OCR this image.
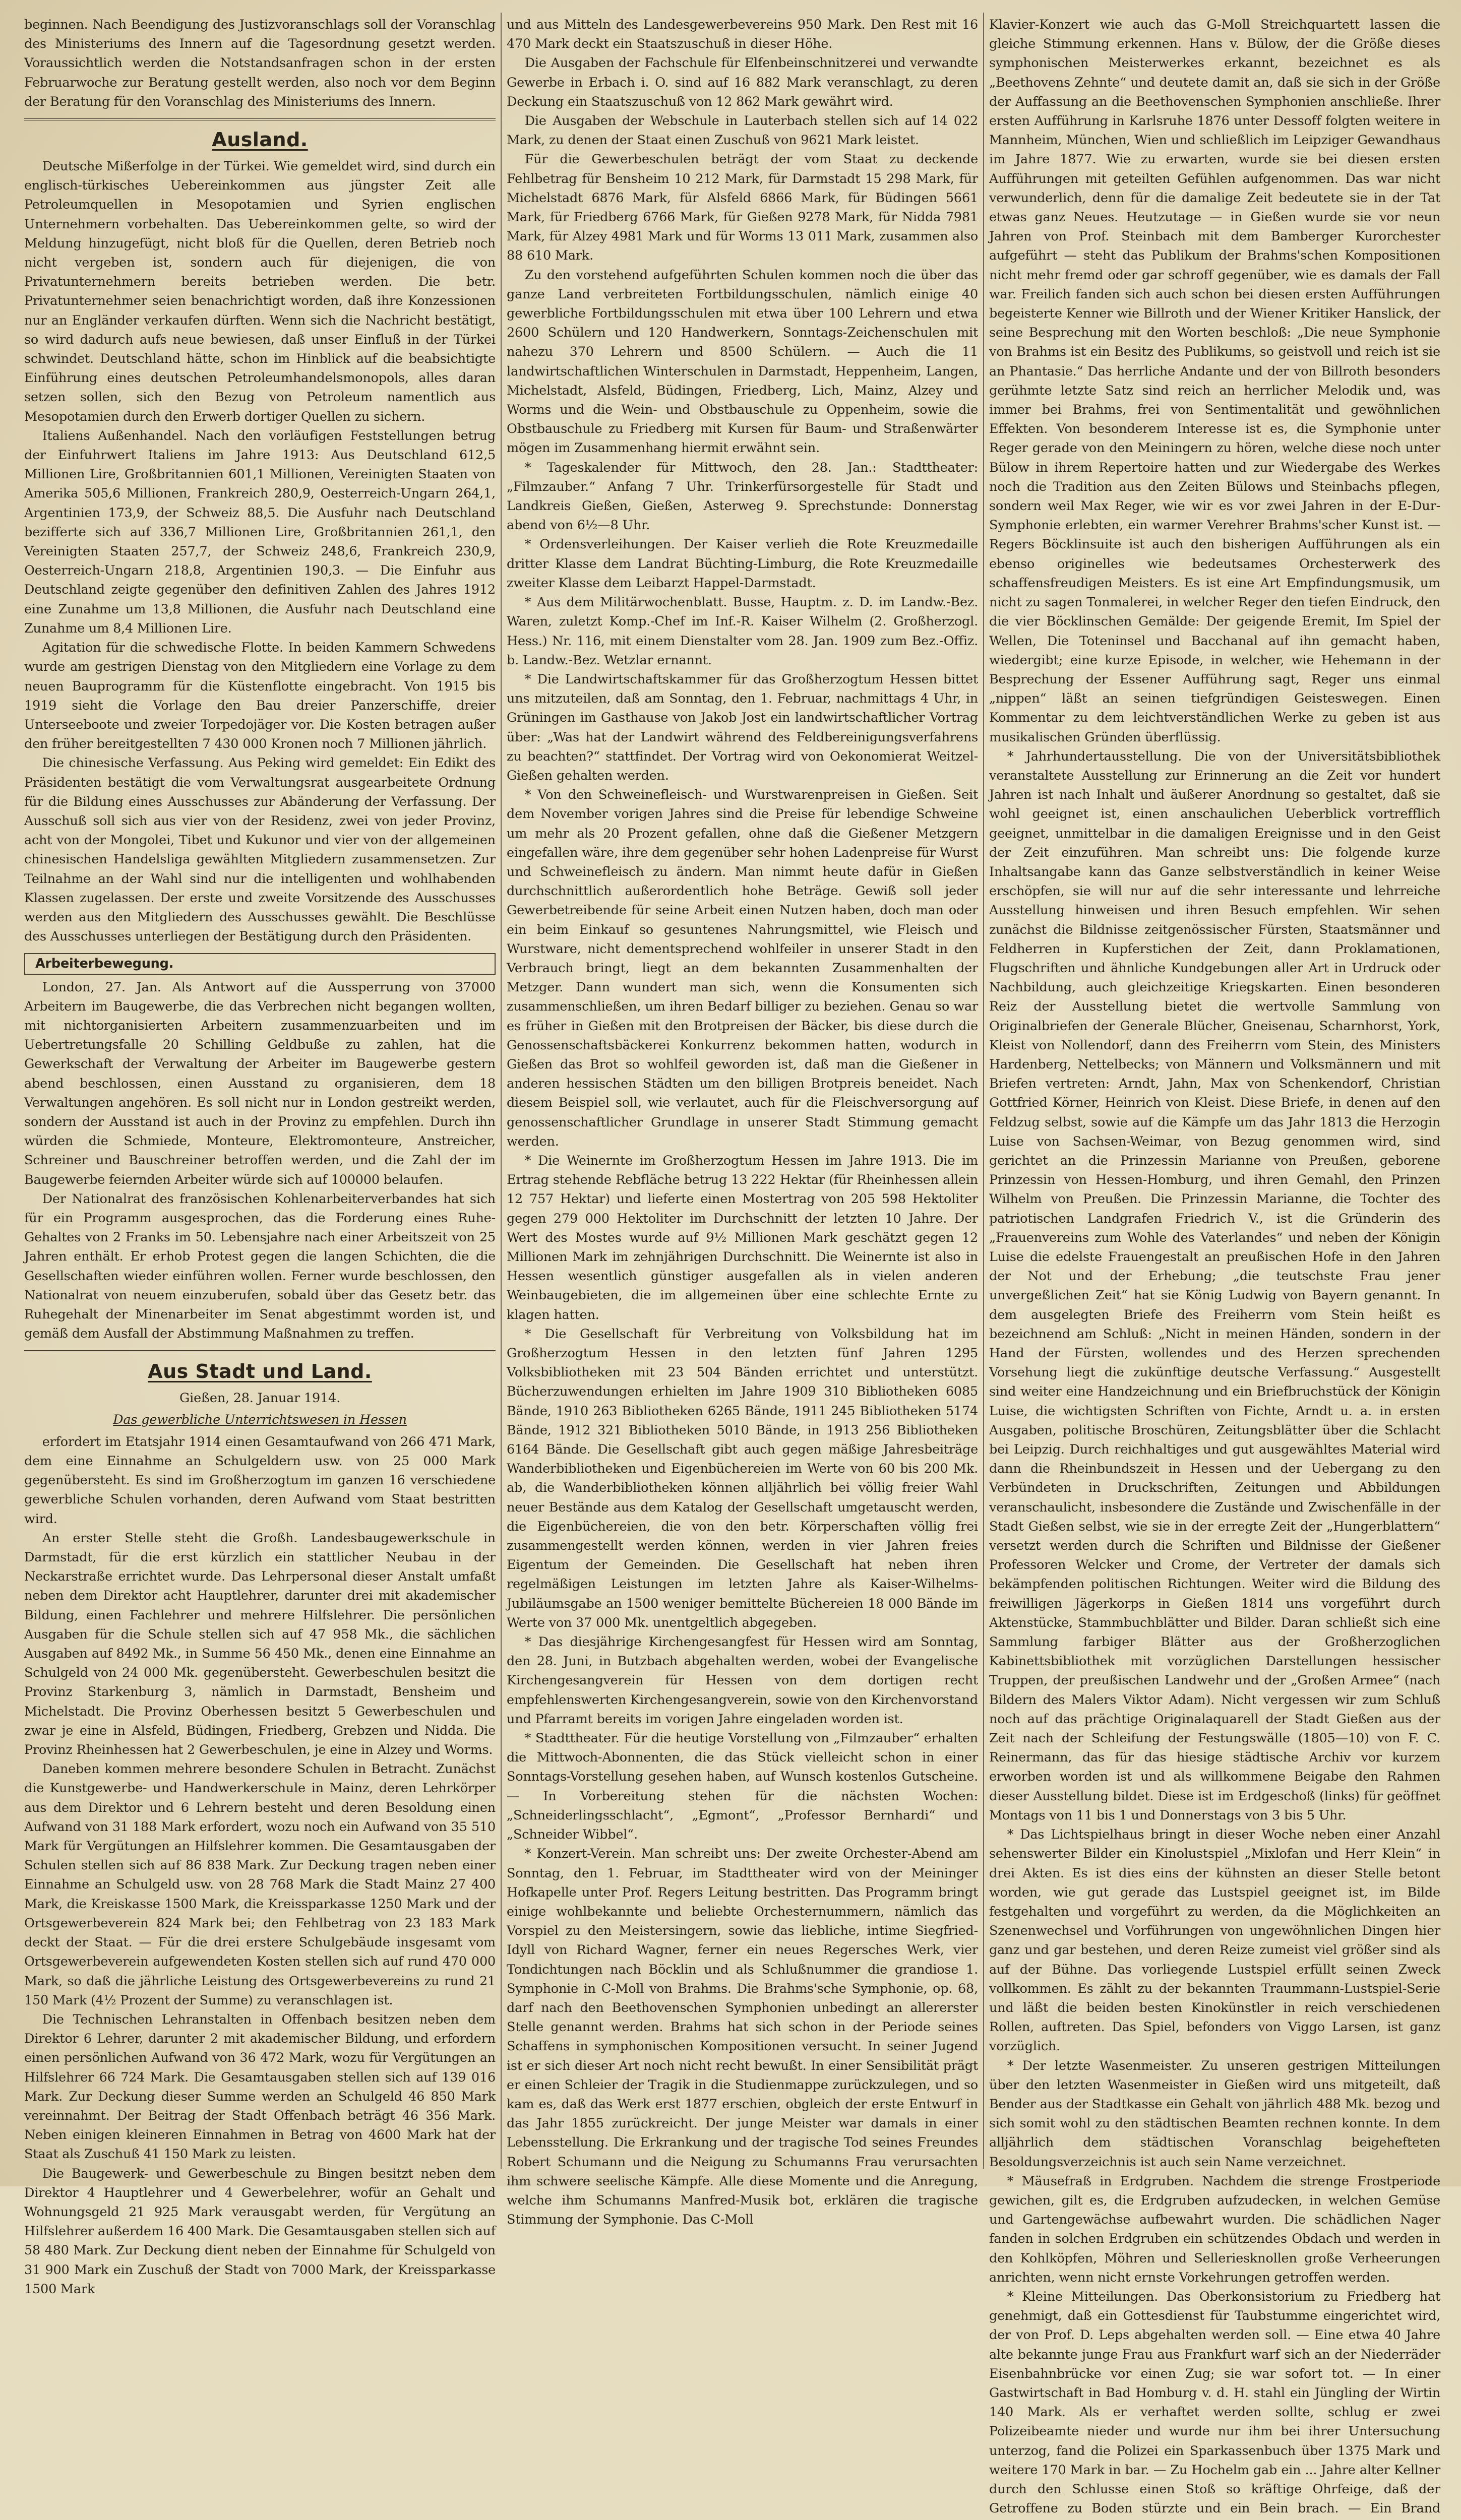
beginnen. Nach Beendigung des Justizvoranschlags soll der Voranschlag des Ministeriums des Innern auf die Tagesordnung gesetzt werden. Voraussichtlich werden die Notstandsanfragen schon in der ersten Februarwoche zur Beratung gestellt werden, also noch vor dem Beginn der Beratung für den Voranschlag des Ministeriums des Innern.

Ausland.

Deutsche Mißerfolge in der Türkei. Wie gemeldet wird, sind durch ein englisch-türkisches Uebereinkommen aus jüngster Zeit alle Petroleumquellen in Mesopotamien und Syrien englischen Unternehmern vorbehalten. Das Uebereinkommen gelte, so wird der Meldung hinzugefügt, nicht bloß für die Quellen, deren Betrieb noch nicht vergeben ist, sondern auch für diejenigen, die von Privatunternehmern bereits betrieben werden. Die betr. Privatunternehmer seien benachrichtigt worden, daß ihre Konzessionen nur an Engländer verkaufen dürften. Wenn sich die Nachricht bestätigt, so wird dadurch aufs neue bewiesen, daß unser Einfluß in der Türkei schwindet. Deutschland hätte, schon im Hinblick auf die beabsichtigte Einführung eines deutschen Petroleumhandelsmonopols, alles daran setzen sollen, sich den Bezug von Petroleum namentlich aus Mesopotamien durch den Erwerb dortiger Quellen zu sichern.

Italiens Außenhandel. Nach den vorläufigen Feststellungen betrug der Einfuhrwert Italiens im Jahre 1913: Aus Deutschland 612,5 Millionen Lire, Großbritannien 601,1 Millionen, Vereinigten Staaten von Amerika 505,6 Millionen, Frankreich 280,9, Oesterreich-Ungarn 264,1, Argentinien 173,9, der Schweiz 88,5. Die Ausfuhr nach Deutschland bezifferte sich auf 336,7 Millionen Lire, Großbritannien 261,1, den Vereinigten Staaten 257,7, der Schweiz 248,6, Frankreich 230,9, Oesterreich-Ungarn 218,8, Argentinien 190,3. — Die Einfuhr aus Deutschland zeigte gegenüber den definitiven Zahlen des Jahres 1912 eine Zunahme um 13,8 Millionen, die Ausfuhr nach Deutschland eine Zunahme um 8,4 Millionen Lire.

Agitation für die schwedische Flotte. In beiden Kammern Schwedens wurde am gestrigen Dienstag von den Mitgliedern eine Vorlage zu dem neuen Bauprogramm für die Küstenflotte eingebracht. Von 1915 bis 1919 sieht die Vorlage den Bau dreier Panzerschiffe, dreier Unterseeboote und zweier Torpedojäger vor. Die Kosten betragen außer den früher bereitgestellten 7 430 000 Kronen noch 7 Millionen jährlich.

Die chinesische Verfassung. Aus Peking wird gemeldet: Ein Edikt des Präsidenten bestätigt die vom Verwaltungsrat ausgearbeitete Ordnung für die Bildung eines Ausschusses zur Abänderung der Verfassung. Der Ausschuß soll sich aus vier von der Residenz, zwei von jeder Provinz, acht von der Mongolei, Tibet und Kukunor und vier von der allgemeinen chinesischen Handelsliga gewählten Mitgliedern zusammensetzen. Zur Teilnahme an der Wahl sind nur die intelligenten und wohlhabenden Klassen zugelassen. Der erste und zweite Vorsitzende des Ausschusses werden aus den Mitgliedern des Ausschusses gewählt. Die Beschlüsse des Ausschusses unterliegen der Bestätigung durch den Präsidenten.

Arbeiterbewegung.

London, 27. Jan. Als Antwort auf die Aussperrung von 37000 Arbeitern im Baugewerbe, die das Verbrechen nicht begangen wollten, mit nichtorganisierten Arbeitern zusammenzuarbeiten und im Uebertretungsfalle 20 Schilling Geldbuße zu zahlen, hat die Gewerkschaft der Verwaltung der Arbeiter im Baugewerbe gestern abend beschlossen, einen Ausstand zu organisieren, dem 18 Verwaltungen angehören. Es soll nicht nur in London gestreikt werden, sondern der Ausstand ist auch in der Provinz zu empfehlen. Durch ihn würden die Schmiede, Monteure, Elektromonteure, Anstreicher, Schreiner und Bauschreiner betroffen werden, und die Zahl der im Baugewerbe feiernden Arbeiter würde sich auf 100000 belaufen.

Der Nationalrat des französischen Kohlenarbeiterverbandes hat sich für ein Programm ausgesprochen, das die Forderung eines Ruhe-Gehaltes von 2 Franks im 50. Lebensjahre nach einer Arbeitszeit von 25 Jahren enthält. Er erhob Protest gegen die langen Schichten, die die Gesellschaften wieder einführen wollen. Ferner wurde beschlossen, den Nationalrat von neuem einzuberufen, sobald über das Gesetz betr. das Ruhegehalt der Minenarbeiter im Senat abgestimmt worden ist, und gemäß dem Ausfall der Abstimmung Maßnahmen zu treffen.

Aus Stadt und Land.
Gießen, 28. Januar 1914.
Das gewerbliche Unterrichtswesen in Hessen

erfordert im Etatsjahr 1914 einen Gesamtaufwand von 266 471 Mark, dem eine Einnahme an Schulgeldern usw. von 25 000 Mark gegenübersteht. Es sind im Großherzogtum im ganzen 16 verschiedene gewerbliche Schulen vorhanden, deren Aufwand vom Staat bestritten wird.

An erster Stelle steht die Großh. Landesbaugewerkschule in Darmstadt, für die erst kürzlich ein stattlicher Neubau in der Neckarstraße errichtet wurde. Das Lehrpersonal dieser Anstalt umfaßt neben dem Direktor acht Hauptlehrer, darunter drei mit akademischer Bildung, einen Fachlehrer und mehrere Hilfslehrer. Die persönlichen Ausgaben für die Schule stellen sich auf 47 958 Mk., die sächlichen Ausgaben auf 8492 Mk., in Summe 56 450 Mk., denen eine Einnahme an Schulgeld von 24 000 Mk. gegenübersteht. Gewerbeschulen besitzt die Provinz Starkenburg 3, nämlich in Darmstadt, Bensheim und Michelstadt. Die Provinz Oberhessen besitzt 5 Gewerbeschulen und zwar je eine in Alsfeld, Büdingen, Friedberg, Grebzen und Nidda. Die Provinz Rheinhessen hat 2 Gewerbeschulen, je eine in Alzey und Worms.

Daneben kommen mehrere besondere Schulen in Betracht. Zunächst die Kunstgewerbe- und Handwerkerschule in Mainz, deren Lehrkörper aus dem Direktor und 6 Lehrern besteht und deren Besoldung einen Aufwand von 31 188 Mark erfordert, wozu noch ein Aufwand von 35 510 Mark für Vergütungen an Hilfslehrer kommen. Die Gesamtausgaben der Schulen stellen sich auf 86 838 Mark. Zur Deckung tragen neben einer Einnahme an Schulgeld usw. von 28 768 Mark die Stadt Mainz 27 400 Mark, die Kreiskasse 1500 Mark, die Kreissparkasse 1250 Mark und der Ortsgewerbeverein 824 Mark bei; den Fehlbetrag von 23 183 Mark deckt der Staat. — Für die drei erstere Schulgebäude insgesamt vom Ortsgewerbeverein aufgewendeten Kosten stellen sich auf rund 470 000 Mark, so daß die jährliche Leistung des Ortsgewerbevereins zu rund 21 150 Mark (4½ Prozent der Summe) zu veranschlagen ist.

Die Technischen Lehranstalten in Offenbach besitzen neben dem Direktor 6 Lehrer, darunter 2 mit akademischer Bildung, und erfordern einen persönlichen Aufwand von 36 472 Mark, wozu für Vergütungen an Hilfslehrer 66 724 Mark. Die Gesamtausgaben stellen sich auf 139 016 Mark. Zur Deckung dieser Summe werden an Schulgeld 46 850 Mark vereinnahmt. Der Beitrag der Stadt Offenbach beträgt 46 356 Mark. Neben einigen kleineren Einnahmen in Betrag von 4600 Mark hat der Staat als Zuschuß 41 150 Mark zu leisten.

Die Baugewerk- und Gewerbeschule zu Bingen besitzt neben dem Direktor 4 Hauptlehrer und 4 Gewerbelehrer, wofür an Gehalt und Wohnungsgeld 21 925 Mark verausgabt werden, für Vergütung an Hilfslehrer außerdem 16 400 Mark. Die Gesamtausgaben stellen sich auf 58 480 Mark. Zur Deckung dient neben der Einnahme für Schulgeld von 31 900 Mark ein Zuschuß der Stadt von 7000 Mark, der Kreissparkasse 1500 Mark

und aus Mitteln des Landesgewerbevereins 950 Mark. Den Rest mit 16 470 Mark deckt ein Staatszuschuß in dieser Höhe.

Die Ausgaben der Fachschule für Elfenbeinschnitzerei und verwandte Gewerbe in Erbach i. O. sind auf 16 882 Mark veranschlagt, zu deren Deckung ein Staatszuschuß von 12 862 Mark gewährt wird.

Die Ausgaben der Webschule in Lauterbach stellen sich auf 14 022 Mark, zu denen der Staat einen Zuschuß von 9621 Mark leistet.

Für die Gewerbeschulen beträgt der vom Staat zu deckende Fehlbetrag für Bensheim 10 212 Mark, für Darmstadt 15 298 Mark, für Michelstadt 6876 Mark, für Alsfeld 6866 Mark, für Büdingen 5661 Mark, für Friedberg 6766 Mark, für Gießen 9278 Mark, für Nidda 7981 Mark, für Alzey 4981 Mark und für Worms 13 011 Mark, zusammen also 88 610 Mark.

Zu den vorstehend aufgeführten Schulen kommen noch die über das ganze Land verbreiteten Fortbildungsschulen, nämlich einige 40 gewerbliche Fortbildungsschulen mit etwa über 100 Lehrern und etwa 2600 Schülern und 120 Handwerkern, Sonntags-Zeichenschulen mit nahezu 370 Lehrern und 8500 Schülern. — Auch die 11 landwirtschaftlichen Winterschulen in Darmstadt, Heppenheim, Langen, Michelstadt, Alsfeld, Büdingen, Friedberg, Lich, Mainz, Alzey und Worms und die Wein- und Obstbauschule zu Oppenheim, sowie die Obstbauschule zu Friedberg mit Kursen für Baum- und Straßenwärter mögen im Zusammenhang hiermit erwähnt sein.

* Tageskalender für Mittwoch, den 28. Jan.: Stadttheater: „Filmzauber.“ Anfang 7 Uhr. Trinkerfürsorgestelle für Stadt und Landkreis Gießen, Gießen, Asterweg 9. Sprechstunde: Donnerstag abend von 6½—8 Uhr.

* Ordensverleihungen. Der Kaiser verlieh die Rote Kreuzmedaille dritter Klasse dem Landrat Büchting-Limburg, die Rote Kreuzmedaille zweiter Klasse dem Leibarzt Happel-Darmstadt.

* Aus dem Militärwochenblatt. Busse, Hauptm. z. D. im Landw.-Bez. Waren, zuletzt Komp.-Chef im Inf.-R. Kaiser Wilhelm (2. Großherzogl. Hess.) Nr. 116, mit einem Dienstalter vom 28. Jan. 1909 zum Bez.-Offiz. b. Landw.-Bez. Wetzlar ernannt.

* Die Landwirtschaftskammer für das Großherzogtum Hessen bittet uns mitzuteilen, daß am Sonntag, den 1. Februar, nachmittags 4 Uhr, in Grüningen im Gasthause von Jakob Jost ein landwirtschaftlicher Vortrag über: „Was hat der Landwirt während des Feldbereinigungsverfahrens zu beachten?“ stattfindet. Der Vortrag wird von Oekonomierat Weitzel-Gießen gehalten werden.

* Von den Schweinefleisch- und Wurstwarenpreisen in Gießen. Seit dem November vorigen Jahres sind die Preise für lebendige Schweine um mehr als 20 Prozent gefallen, ohne daß die Gießener Metzgern eingefallen wäre, ihre dem gegenüber sehr hohen Ladenpreise für Wurst und Schweinefleisch zu ändern. Man nimmt heute dafür in Gießen durchschnittlich außerordentlich hohe Beträge. Gewiß soll jeder Gewerbetreibende für seine Arbeit einen Nutzen haben, doch man oder ein beim Einkauf so gesuntenes Nahrungsmittel, wie Fleisch und Wurstware, nicht dementsprechend wohlfeiler in unserer Stadt in den Verbrauch bringt, liegt an dem bekannten Zusammenhalten der Metzger. Dann wundert man sich, wenn die Konsumenten sich zusammenschließen, um ihren Bedarf billiger zu beziehen. Genau so war es früher in Gießen mit den Brotpreisen der Bäcker, bis diese durch die Genossenschaftsbäckerei Konkurrenz bekommen hatten, wodurch in Gießen das Brot so wohlfeil geworden ist, daß man die Gießener in anderen hessischen Städten um den billigen Brotpreis beneidet. Nach diesem Beispiel soll, wie verlautet, auch für die Fleischversorgung auf genossenschaftlicher Grundlage in unserer Stadt Stimmung gemacht werden.

* Die Weinernte im Großherzogtum Hessen im Jahre 1913. Die im Ertrag stehende Rebfläche betrug 13 222 Hektar (für Rheinhessen allein 12 757 Hektar) und lieferte einen Mostertrag von 205 598 Hektoliter gegen 279 000 Hektoliter im Durchschnitt der letzten 10 Jahre. Der Wert des Mostes wurde auf 9½ Millionen Mark geschätzt gegen 12 Millionen Mark im zehnjährigen Durchschnitt. Die Weinernte ist also in Hessen wesentlich günstiger ausgefallen als in vielen anderen Weinbaugebieten, die im allgemeinen über eine schlechte Ernte zu klagen hatten.

* Die Gesellschaft für Verbreitung von Volksbildung hat im Großherzogtum Hessen in den letzten fünf Jahren 1295 Volksbibliotheken mit 23 504 Bänden errichtet und unterstützt. Bücherzuwendungen erhielten im Jahre 1909 310 Bibliotheken 6085 Bände, 1910 263 Bibliotheken 6265 Bände, 1911 245 Bibliotheken 5174 Bände, 1912 321 Bibliotheken 5010 Bände, in 1913 256 Bibliotheken 6164 Bände. Die Gesellschaft gibt auch gegen mäßige Jahresbeiträge Wanderbibliotheken und Eigenbüchereien im Werte von 60 bis 200 Mk. ab, die Wanderbibliotheken können alljährlich bei völlig freier Wahl neuer Bestände aus dem Katalog der Gesellschaft umgetauscht werden, die Eigenbüchereien, die von den betr. Körperschaften völlig frei zusammengestellt werden können, werden in vier Jahren freies Eigentum der Gemeinden. Die Gesellschaft hat neben ihren regelmäßigen Leistungen im letzten Jahre als Kaiser-Wilhelms-Jubiläumsgabe an 1500 weniger bemittelte Büchereien 18 000 Bände im Werte von 37 000 Mk. unentgeltlich abgegeben.

* Das diesjährige Kirchengesangfest für Hessen wird am Sonntag, den 28. Juni, in Butzbach abgehalten werden, wobei der Evangelische Kirchengesangverein für Hessen von dem dortigen recht empfehlenswerten Kirchengesangverein, sowie von den Kirchenvorstand und Pfarramt bereits im vorigen Jahre eingeladen worden ist.

* Stadttheater. Für die heutige Vorstellung von „Filmzauber“ erhalten die Mittwoch-Abonnenten, die das Stück vielleicht schon in einer Sonntags-Vorstellung gesehen haben, auf Wunsch kostenlos Gutscheine. — In Vorbereitung stehen für die nächsten Wochen: „Schneiderlingsschlacht“, „Egmont“, „Professor Bernhardi“ und „Schneider Wibbel“.

* Konzert-Verein. Man schreibt uns: Der zweite Orchester-Abend am Sonntag, den 1. Februar, im Stadttheater wird von der Meininger Hofkapelle unter Prof. Regers Leitung bestritten. Das Programm bringt einige wohlbekannte und beliebte Orchesternummern, nämlich das Vorspiel zu den Meistersingern, sowie das liebliche, intime Siegfried-Idyll von Richard Wagner, ferner ein neues Regersches Werk, vier Tondichtungen nach Böcklin und als Schlußnummer die grandiose 1. Symphonie in C-Moll von Brahms. Die Brahms'sche Symphonie, op. 68, darf nach den Beethovenschen Symphonien unbedingt an allererster Stelle genannt werden. Brahms hat sich schon in der Periode seines Schaffens in symphonischen Kompositionen versucht. In seiner Jugend ist er sich dieser Art noch nicht recht bewußt. In einer Sensibilität prägt er einen Schleier der Tragik in die Studienmappe zurückzulegen, und so kam es, daß das Werk erst 1877 erschien, obgleich der erste Entwurf in das Jahr 1855 zurückreicht. Der junge Meister war damals in einer Lebensstellung. Die Erkrankung und der tragische Tod seines Freundes Robert Schumann und die Neigung zu Schumanns Frau verursachten ihm schwere seelische Kämpfe. Alle diese Momente und die Anregung, welche ihm Schumanns Manfred-Musik bot, erklären die tragische Stimmung der Symphonie. Das C-Moll

Klavier-Konzert wie auch das G-Moll Streichquartett lassen die gleiche Stimmung erkennen. Hans v. Bülow, der die Größe dieses symphonischen Meisterwerkes erkannt, bezeichnet es als „Beethovens Zehnte“ und deutete damit an, daß sie sich in der Größe der Auffassung an die Beethovenschen Symphonien anschließe. Ihrer ersten Aufführung in Karlsruhe 1876 unter Dessoff folgten weitere in Mannheim, München, Wien und schließlich im Leipziger Gewandhaus im Jahre 1877. Wie zu erwarten, wurde sie bei diesen ersten Aufführungen mit geteilten Gefühlen aufgenommen. Das war nicht verwunderlich, denn für die damalige Zeit bedeutete sie in der Tat etwas ganz Neues. Heutzutage — in Gießen wurde sie vor neun Jahren von Prof. Steinbach mit dem Bamberger Kurorchester aufgeführt — steht das Publikum der Brahms'schen Kompositionen nicht mehr fremd oder gar schroff gegenüber, wie es damals der Fall war. Freilich fanden sich auch schon bei diesen ersten Aufführungen begeisterte Kenner wie Billroth und der Wiener Kritiker Hanslick, der seine Besprechung mit den Worten beschloß: „Die neue Symphonie von Brahms ist ein Besitz des Publikums, so geistvoll und reich ist sie an Phantasie.“ Das herrliche Andante und der von Billroth besonders gerühmte letzte Satz sind reich an herrlicher Melodik und, was immer bei Brahms, frei von Sentimentalität und gewöhnlichen Effekten. Von besonderem Interesse ist es, die Symphonie unter Reger gerade von den Meiningern zu hören, welche diese noch unter Bülow in ihrem Repertoire hatten und zur Wiedergabe des Werkes noch die Tradition aus den Zeiten Bülows und Steinbachs pflegen, sondern weil Max Reger, wie wir es vor zwei Jahren in der E-Dur-Symphonie erlebten, ein warmer Verehrer Brahms'scher Kunst ist. — Regers Böcklinsuite ist auch den bisherigen Aufführungen als ein ebenso originelles wie bedeutsames Orchesterwerk des schaffensfreudigen Meisters. Es ist eine Art Empfindungsmusik, um nicht zu sagen Tonmalerei, in welcher Reger den tiefen Eindruck, den die vier Böcklinschen Gemälde: Der geigende Eremit, Im Spiel der Wellen, Die Toteninsel und Bacchanal auf ihn gemacht haben, wiedergibt; eine kurze Episode, in welcher, wie Hehemann in der Besprechung der Essener Aufführung sagt, Reger uns einmal „nippen“ läßt an seinen tiefgründigen Geisteswegen. Einen Kommentar zu dem leichtverständlichen Werke zu geben ist aus musikalischen Gründen überflüssig.

* Jahrhundertausstellung. Die von der Universitätsbibliothek veranstaltete Ausstellung zur Erinnerung an die Zeit vor hundert Jahren ist nach Inhalt und äußerer Anordnung so gestaltet, daß sie wohl geeignet ist, einen anschaulichen Ueberblick vortrefflich geeignet, unmittelbar in die damaligen Ereignisse und in den Geist der Zeit einzuführen. Man schreibt uns: Die folgende kurze Inhaltsangabe kann das Ganze selbstverständlich in keiner Weise erschöpfen, sie will nur auf die sehr interessante und lehrreiche Ausstellung hinweisen und ihren Besuch empfehlen. Wir sehen zunächst die Bildnisse zeitgenössischer Fürsten, Staatsmänner und Feldherren in Kupferstichen der Zeit, dann Proklamationen, Flugschriften und ähnliche Kundgebungen aller Art in Urdruck oder Nachbildung, auch gleichzeitige Kriegskarten. Einen besonderen Reiz der Ausstellung bietet die wertvolle Sammlung von Originalbriefen der Generale Blücher, Gneisenau, Scharnhorst, York, Kleist von Nollendorf, dann des Freiherrn vom Stein, des Ministers Hardenberg, Nettelbecks; von Männern und Volksmännern und mit Briefen vertreten: Arndt, Jahn, Max von Schenkendorf, Christian Gottfried Körner, Heinrich von Kleist. Diese Briefe, in denen auf den Feldzug selbst, sowie auf die Kämpfe um das Jahr 1813 die Herzogin Luise von Sachsen-Weimar, von Bezug genommen wird, sind gerichtet an die Prinzessin Marianne von Preußen, geborene Prinzessin von Hessen-Homburg, und ihren Gemahl, den Prinzen Wilhelm von Preußen. Die Prinzessin Marianne, die Tochter des patriotischen Landgrafen Friedrich V., ist die Gründerin des „Frauenvereins zum Wohle des Vaterlandes“ und neben der Königin Luise die edelste Frauengestalt an preußischen Hofe in den Jahren der Not und der Erhebung; „die teutschste Frau jener unvergeßlichen Zeit“ hat sie König Ludwig von Bayern genannt. In dem ausgelegten Briefe des Freiherrn vom Stein heißt es bezeichnend am Schluß: „Nicht in meinen Händen, sondern in der Hand der Fürsten, wollendes und des Herzen sprechenden Vorsehung liegt die zukünftige deutsche Verfassung.“ Ausgestellt sind weiter eine Handzeichnung und ein Briefbruchstück der Königin Luise, die wichtigsten Schriften von Fichte, Arndt u. a. in ersten Ausgaben, politische Broschüren, Zeitungsblätter über die Schlacht bei Leipzig. Durch reichhaltiges und gut ausgewähltes Material wird dann die Rheinbundszeit in Hessen und der Uebergang zu den Verbündeten in Druckschriften, Zeitungen und Abbildungen veranschaulicht, insbesondere die Zustände und Zwischenfälle in der Stadt Gießen selbst, wie sie in der erregte Zeit der „Hungerblattern“ versetzt werden durch die Schriften und Bildnisse der Gießener Professoren Welcker und Crome, der Vertreter der damals sich bekämpfenden politischen Richtungen. Weiter wird die Bildung des freiwilligen Jägerkorps in Gießen 1814 uns vorgeführt durch Aktenstücke, Stammbuchblätter und Bilder. Daran schließt sich eine Sammlung farbiger Blätter aus der Großherzoglichen Kabinettsbibliothek mit vorzüglichen Darstellungen hessischer Truppen, der preußischen Landwehr und der „Großen Armee“ (nach Bildern des Malers Viktor Adam). Nicht vergessen wir zum Schluß noch auf das prächtige Originalaquarell der Stadt Gießen aus der Zeit nach der Schleifung der Festungswälle (1805—10) von F. C. Reinermann, das für das hiesige städtische Archiv vor kurzem erworben worden ist und als willkommene Beigabe den Rahmen dieser Ausstellung bildet. Diese ist im Erdgeschoß (links) für geöffnet Montags von 11 bis 1 und Donnerstags von 3 bis 5 Uhr.

* Das Lichtspielhaus bringt in dieser Woche neben einer Anzahl sehenswerter Bilder ein Kinolustspiel „Mixlofan und Herr Klein“ in drei Akten. Es ist dies eins der kühnsten an dieser Stelle betont worden, wie gut gerade das Lustspiel geeignet ist, im Bilde festgehalten und vorgeführt zu werden, da die Möglichkeiten an Szenenwechsel und Vorführungen von ungewöhnlichen Dingen hier ganz und gar bestehen, und deren Reize zumeist viel größer sind als auf der Bühne. Das vorliegende Lustspiel erfüllt seinen Zweck vollkommen. Es zählt zu der bekannten Traummann-Lustspiel-Serie und läßt die beiden besten Kinokünstler in reich verschiedenen Rollen, auftreten. Das Spiel, befonders von Viggo Larsen, ist ganz vorzüglich.

* Der letzte Wasenmeister. Zu unseren gestrigen Mitteilungen über den letzten Wasenmeister in Gießen wird uns mitgeteilt, daß Bender aus der Stadtkasse ein Gehalt von jährlich 488 Mk. bezog und sich somit wohl zu den städtischen Beamten rechnen konnte. In dem alljährlich dem städtischen Voranschlag beigehefteten Besoldungsverzeichnis ist auch sein Name verzeichnet.

* Mäusefraß in Erdgruben. Nachdem die strenge Frostperiode gewichen, gilt es, die Erdgruben aufzudecken, in welchen Gemüse und Gartengewächse aufbewahrt wurden. Die schädlichen Nager fanden in solchen Erdgruben ein schützendes Obdach und werden in den Kohlköpfen, Möhren und Selleriesknollen große Verheerungen anrichten, wenn nicht ernste Vorkehrungen getroffen werden.

* Kleine Mitteilungen. Das Oberkonsistorium zu Friedberg hat genehmigt, daß ein Gottesdienst für Taubstumme eingerichtet wird, der von Prof. D. Leps abgehalten werden soll. — Eine etwa 40 Jahre alte bekannte junge Frau aus Frankfurt warf sich an der Niederräder Eisenbahnbrücke vor einen Zug; sie war sofort tot. — In einer Gastwirtschaft in Bad Homburg v. d. H. stahl ein Jüngling der Wirtin 140 Mark. Als er verhaftet werden sollte, schlug er zwei Polizeibeamte nieder und wurde nur ihm bei ihrer Untersuchung unterzog, fand die Polizei ein Sparkassenbuch über 1375 Mark und weitere 170 Mark in bar. — Zu Hochelm gab ein ... Jahre alter Kellner durch den Schlusse einen Stoß so kräftige Ohrfeige, daß der Getroffene zu Boden stürzte und ein Bein brach. — Ein Brand
